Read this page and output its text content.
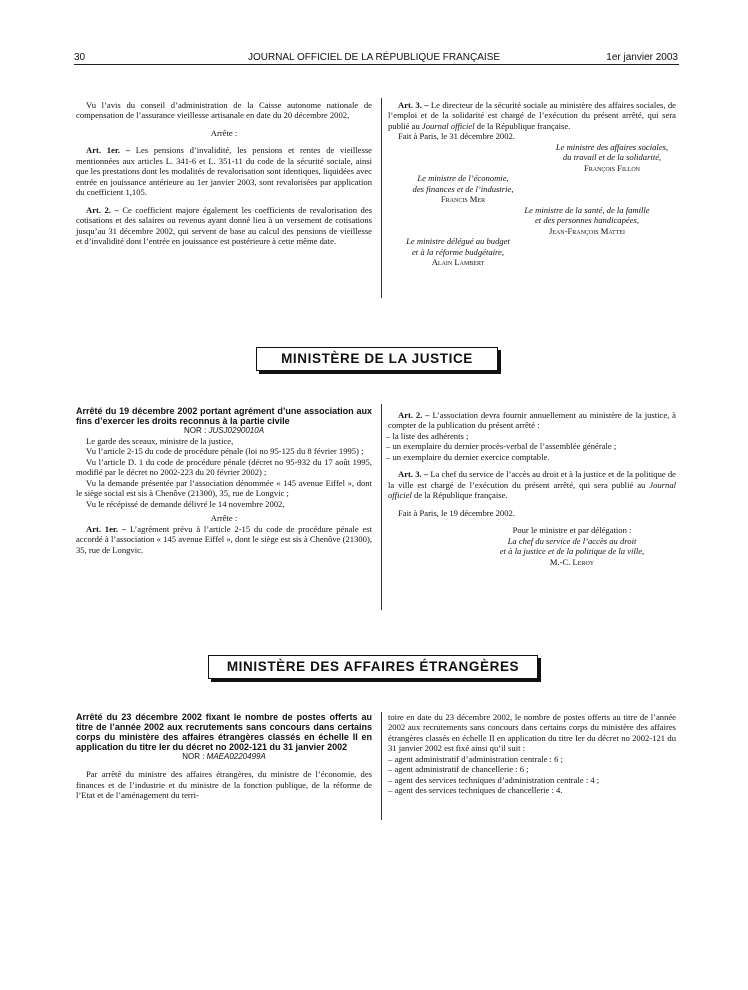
30	JOURNAL OFFICIEL DE LA RÉPUBLIQUE FRANÇAISE	1er janvier 2003

Vu l’avis du conseil d’administration de la Caisse autonome nationale de compensation de l’assurance vieillesse artisanale en date du 20 décembre 2002,

Arrête :

Art. 1er. – Les pensions d’invalidité, les pensions et rentes de vieillesse mentionnées aux articles L. 341-6 et L. 351-11 du code de la sécurité sociale, ainsi que les prestations dont les modalités de revalorisation sont identiques, liquidées avec entrée en jouissance antérieure au 1er janvier 2003, sont revalorisées par application du coefficient 1,105.

Art. 2. – Ce coefficient majore également les coefficients de revalorisation des cotisations et des salaires ou revenus ayant donné lieu à un versement de cotisations jusqu’au 31 décembre 2002, qui servent de base au calcul des pensions de vieillesse et d’invalidité dont l’entrée en jouissance est postérieure à cette même date.

Art. 3. – Le directeur de la sécurité sociale au ministère des affaires sociales, de l’emploi et de la solidarité est chargé de l’exécution du présent arrêté, qui sera publié au Journal officiel de la République française.

Fait à Paris, le 31 décembre 2002.

Le ministre des affaires sociales,
du travail et de la solidarité,
François Fillon
Le ministre de l’économie,
des finances et de l’industrie,
Francis Mer
Le ministre de la santé, de la famille
et des personnes handicapées,
Jean-François Mattei
Le ministre délégué au budget
et à la réforme budgétaire,
Alain Lambert
MINISTÈRE DE LA JUSTICE

Arrêté du 19 décembre 2002 portant agrément d’une association aux fins d’exercer les droits reconnus à la partie civile

NOR : JUSJ0290010A

Le garde des sceaux, ministre de la justice,

Vu l’article 2-15 du code de procédure pénale (loi no 95-125 du 8 février 1995) ;

Vu l’article D. 1 du code de procédure pénale (décret no 95-932 du 17 août 1995, modifié par le décret no 2002-223 du 20 février 2002) ;

Vu la demande présentée par l’association dénommée « 145 avenue Eiffel », dont le siège social est sis à Chenôve (21300), 35, rue de Longvic ;

Vu le récépissé de demande délivré le 14 novembre 2002,

Arrête :

Art. 1er. – L’agrément prévu à l’article 2-15 du code de procédure pénale est accordé à l’association « 145 avenue Eiffel », dont le siège est sis à Chenôve (21300), 35, rue de Longvic.

Art. 2. – L’association devra fournir annuellement au ministère de la justice, à compter de la publication du présent arrêté :

– la liste des adhérents ;

– un exemplaire du dernier procès-verbal de l’assemblée générale ;

– un exemplaire du dernier exercice comptable.

Art. 3. – La chef du service de l’accès au droit et à la justice et de la politique de la ville est chargé de l’exécution du présent arrêté, qui sera publié au Journal officiel de la République française.

Fait à Paris, le 19 décembre 2002.

Pour le ministre et par délégation :
La chef du service de l’accès au droit
et à la justice et de la politique de la ville,
M.-C. Leroy
MINISTÈRE DES AFFAIRES ÉTRANGÈRES

Arrêté du 23 décembre 2002 fixant le nombre de postes offerts au titre de l’année 2002 aux recrutements sans concours dans certains corps du ministère des affaires étrangères classés en échelle II en application du titre Ier du décret no 2002-121 du 31 janvier 2002

NOR : MAEA0220499A

Par arrêté du ministre des affaires étrangères, du ministre de l’économie, des finances et de l’industrie et du ministre de la fonction publique, de la réforme de l’Etat et de l’aménagement du terri-

toire en date du 23 décembre 2002, le nombre de postes offerts au titre de l’année 2002 aux recrutements sans concours dans certains corps du ministère des affaires étrangères classés en échelle II en application du titre Ier du décret no 2002-121 du 31 janvier 2002 est fixé ainsi qu’il suit :

– agent administratif d’administration centrale : 6 ;

– agent administratif de chancellerie : 6 ;

– agent des services techniques d’administration centrale : 4 ;

– agent des services techniques de chancellerie : 4.
